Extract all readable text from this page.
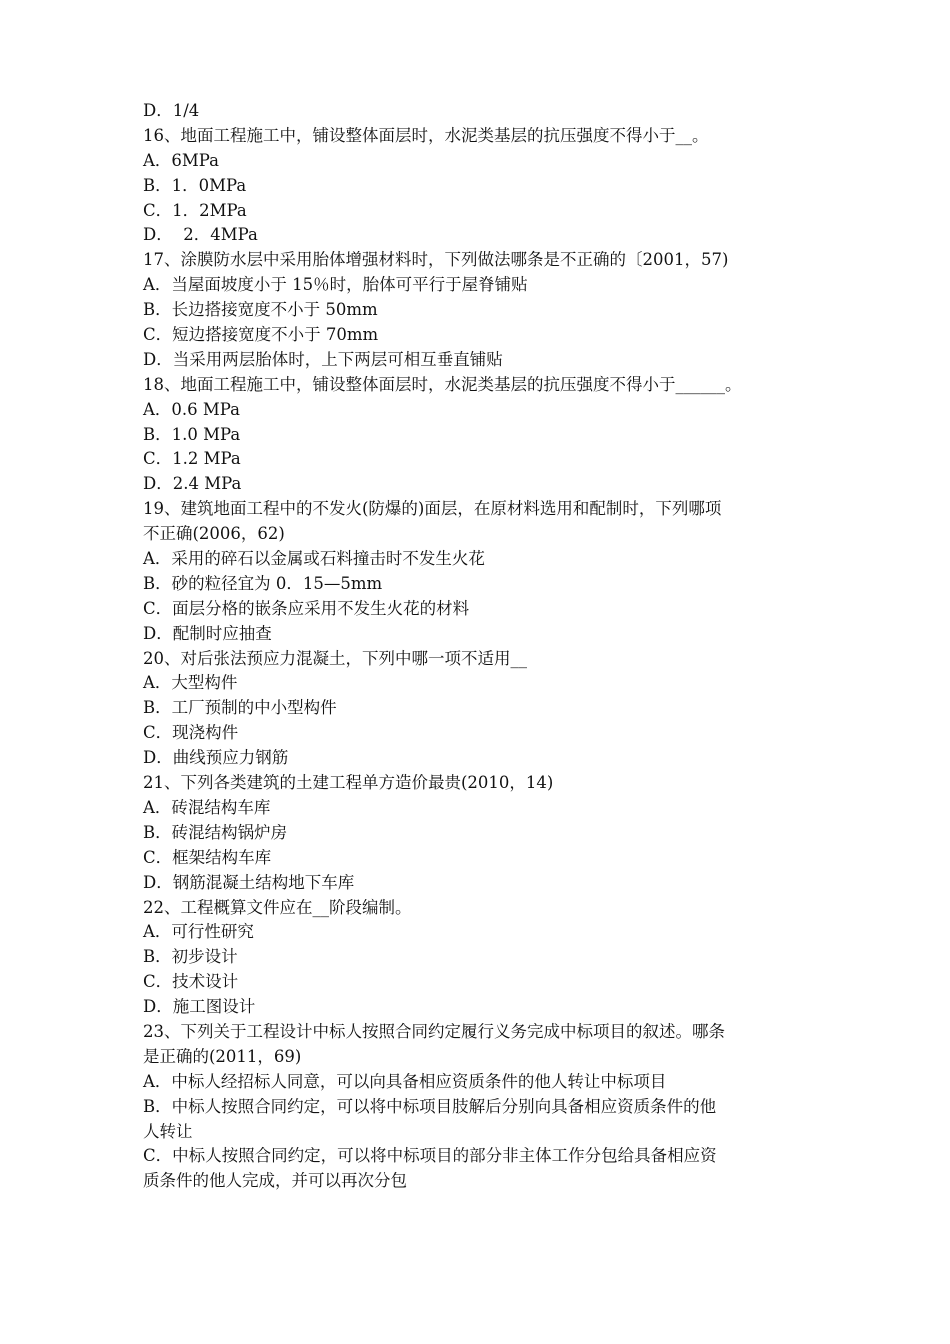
D．1/4
16、地面工程施工中，铺设整体面层时，水泥类基层的抗压强度不得小于__。
A．6MPa
B．1．0MPa
C．1．2MPa
D．  2．4MPa
17、涂膜防水层中采用胎体增强材料时，下列做法哪条是不正确的〔2001，57)
A．当屋面坡度小于 15％时，胎体可平行于屋脊铺贴
B．长边搭接宽度不小于 50mm
C．短边搭接宽度不小于 70mm
D．当采用两层胎体时，上下两层可相互垂直铺贴
18、地面工程施工中，铺设整体面层时，水泥类基层的抗压强度不得小于______。
A．0.6 MPa
B．1.0 MPa
C．1.2 MPa
D．2.4 MPa
19、建筑地面工程中的不发火(防爆的)面层，在原材料选用和配制时，下列哪项
不正确(2006，62)
A．采用的碎石以金属或石料撞击时不发生火花
B．砂的粒径宜为 0．15—5mm
C．面层分格的嵌条应采用不发生火花的材料
D．配制时应抽查
20、对后张法预应力混凝土，下列中哪一项不适用__
A．大型构件
B．工厂预制的中小型构件
C．现浇构件
D．曲线预应力钢筋
21、下列各类建筑的土建工程单方造价最贵(2010，14)
A．砖混结构车库
B．砖混结构锅炉房
C．框架结构车库
D．钢筋混凝土结构地下车库
22、工程概算文件应在__阶段编制。
A．可行性研究
B．初步设计
C．技术设计
D．施工图设计
23、下列关于工程设计中标人按照合同约定履行义务完成中标项目的叙述。哪条
是正确的(2011，69)
A．中标人经招标人同意，可以向具备相应资质条件的他人转让中标项目
B．中标人按照合同约定，可以将中标项目肢解后分别向具备相应资质条件的他
人转让
C．中标人按照合同约定，可以将中标项目的部分非主体工作分包给具备相应资
质条件的他人完成，并可以再次分包
